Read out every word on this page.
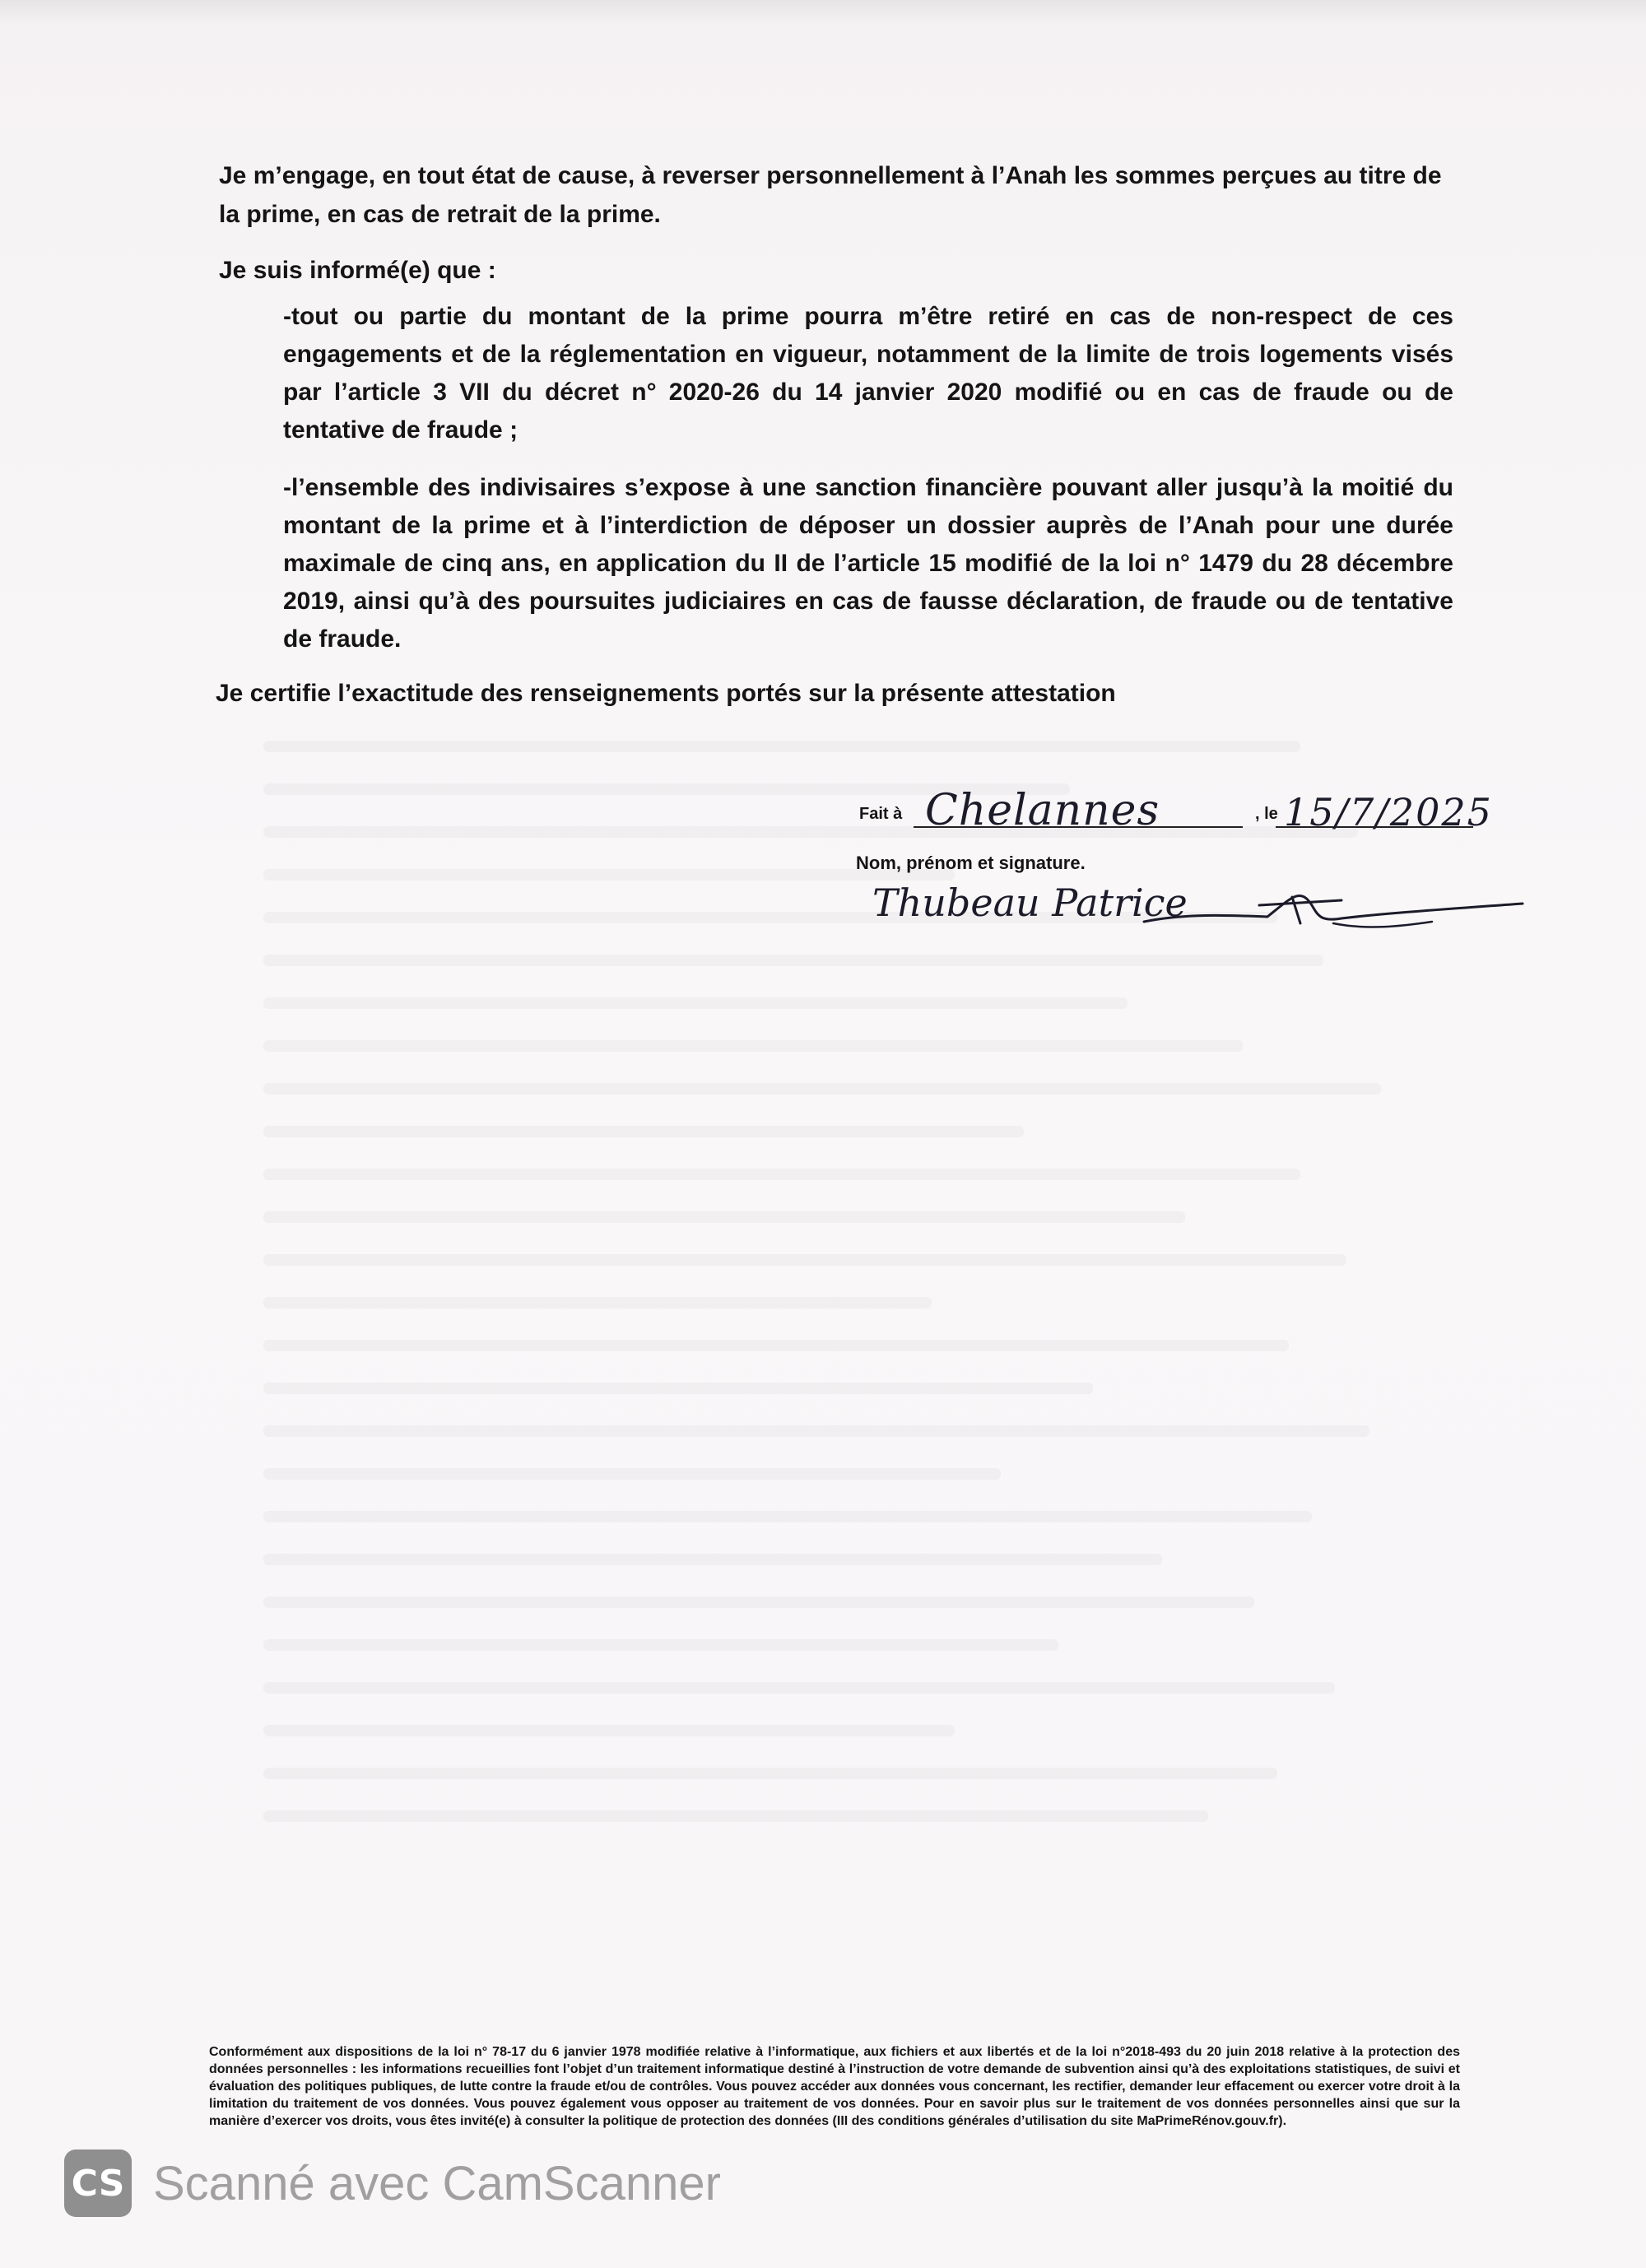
Je m’engage, en tout état de cause, à reverser personnellement à l’Anah les sommes perçues au titre de la prime, en cas de retrait de la prime.
Je suis informé(e) que :
-tout ou partie du montant de la prime pourra m’être retiré en cas de non-respect de ces engagements et de la réglementation en vigueur, notamment de la limite de trois logements visés par l’article 3 VII du décret n° 2020-26 du 14 janvier 2020 modifié ou en cas de fraude ou de tentative de fraude ;
-l’ensemble des indivisaires s’expose à une sanction financière pouvant aller jusqu’à la moitié du montant de la prime et à l’interdiction de déposer un dossier auprès de l’Anah pour une durée maximale de cinq ans, en application du II de l’article 15 modifié de la loi n° 1479 du 28 décembre 2019, ainsi qu’à des poursuites judiciaires en cas de fausse déclaration, de fraude ou de tentative de fraude.
Je certifie l’exactitude des renseignements portés sur la présente attestation
Fait à Chelannes	, le 15/7/2025
Nom, prénom et signature.
Thubeau Patrice
Conformément aux dispositions de la loi n° 78-17 du 6 janvier 1978 modifiée relative à l’informatique, aux fichiers et aux libertés et de la loi n°2018-493 du 20 juin 2018 relative à la protection des données personnelles : les informations recueillies font l’objet d’un traitement informatique destiné à l’instruction de votre demande de subvention ainsi qu’à des exploitations statistiques, de suivi et évaluation des politiques publiques, de lutte contre la fraude et/ou de contrôles. Vous pouvez accéder aux données vous concernant, les rectifier, demander leur effacement ou exercer votre droit à la limitation du traitement de vos données. Vous pouvez également vous opposer au traitement de vos données. Pour en savoir plus sur le traitement de vos données personnelles ainsi que sur la manière d’exercer vos droits, vous êtes invité(e) à consulter la politique de protection des données (III des conditions générales d’utilisation du site MaPrimeRénov.gouv.fr).
CS Scanné avec CamScanner
